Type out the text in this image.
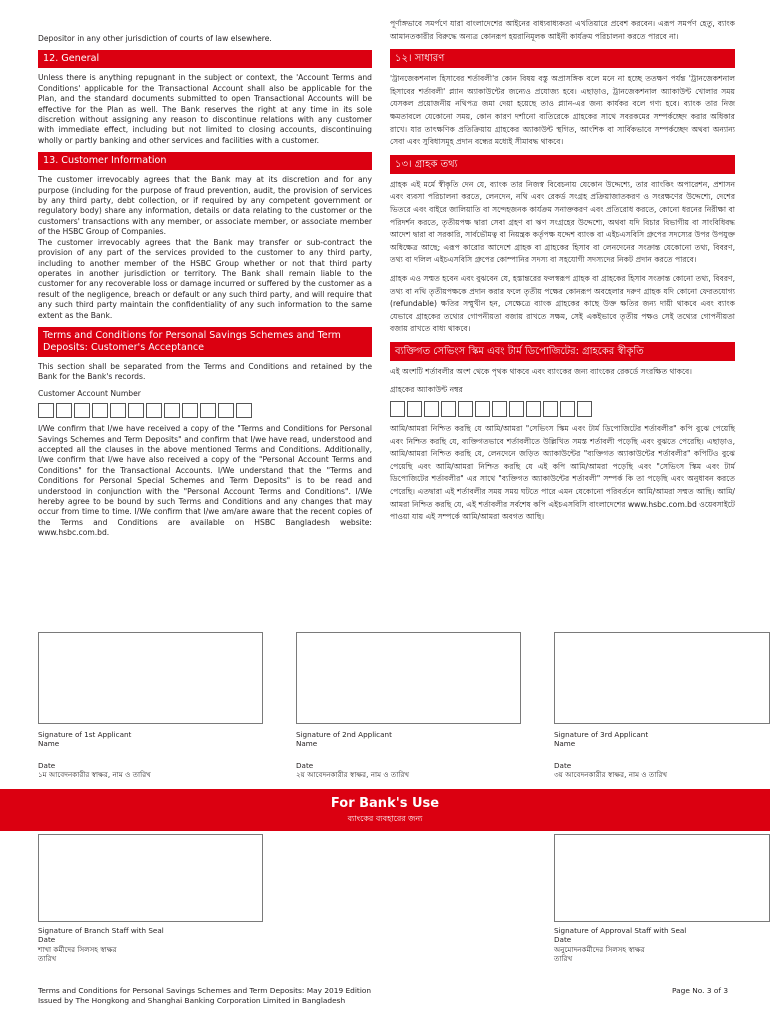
Depositor in any other jurisdiction of courts of law elsewhere.
12. General
Unless there is anything repugnant in the subject or context, the 'Account Terms and Conditions' applicable for the Transactional Account shall also be applicable for the Plan, and the standard documents submitted to open Transactional Accounts will be effective for the Plan as well. The Bank reserves the right at any time in its sole discretion without assigning any reason to discontinue relations with any customer with immediate effect, including but not limited to closing accounts, discontinuing wholly or partly banking and other services and facilities with a customer.
13. Customer Information
The customer irrevocably agrees that the Bank may at its discretion and for any purpose (including for the purpose of fraud prevention, audit, the provision of services by any third party, debt collection, or if required by any competent government or regulatory body) share any information, details or data relating to the customer or the customers' transactions with any member, or associate member, or associate member of the HSBC Group of Companies.
The customer irrevocably agrees that the Bank may transfer or sub-contract the provision of any part of the services provided to the customer to any third party, including to another member of the HSBC Group whether or not that third party operates in another jurisdiction or territory. The Bank shall remain liable to the customer for any recoverable loss or damage incurred or suffered by the customer as a result of the negligence, breach or default or any such third party, and will require that any such third party maintain the confidentiality of any such information to the same extent as the Bank.
Terms and Conditions for Personal Savings Schemes and Term Deposits: Customer's Acceptance
This section shall be separated from the Terms and Conditions and retained by the Bank for the Bank's records.
Customer Account Number
I/We confirm that I/we have received a copy of the "Terms and Conditions for Personal Savings Schemes and Term Deposits" and confirm that I/we have read, understood and accepted all the clauses in the above mentioned Terms and Conditions. Additionally, I/we confirm that I/we have also received a copy of the "Personal Account Terms and Conditions" for the Transactional Accounts. I/We understand that the "Terms and Conditions for Personal Special Schemes and Term Deposits" is to be read and understood in conjunction with the "Personal Account Terms and Conditions". I/We hereby agree to be bound by such Terms and Conditions and any changes that may occur from time to time. I/We confirm that I/we am/are aware that the recent copies of the Terms and Conditions are available on HSBC Bangladesh website: www.hsbc.com.bd.
পূর্ণাঙ্গভাবে সমর্পণে যারা বাংলাদেশের আইনের বাধ্যবাধ্যকতা এখতিয়ারে প্রবেশ করবেন। এরূপ সমর্পণ হেতু, ব্যাংক আমানতকারীর বিরুদ্ধে অন্যত্র কোনরূপ হয়রানিমূলক আইনী কার্যক্রম পরিচালনা করতে পারবে না।
১২। সাধারণ
'ট্রানজেকশনাল হিসাবের শর্তাবলী'র কোন বিষয় বস্তু অপ্রাসঙ্গিক বলে মনে না হচ্ছে ততক্ষণ পর্যন্ত 'ট্রানজেকশনাল হিসাবের শর্তাবলী' প্ল্যান অ্যাকাউন্টের জন্যেও প্রযোজ্য হবে। এছাড়াও, ট্রানজেকশনাল অ্যাকাউন্ট খোলার সময় যেসকল প্রয়োজনীয় নথিপত্র জমা দেয়া হয়েছে তাও প্ল্যান-এর জন্য কার্যকর বলে গণ্য হবে। ব্যাংক তার নিজ ক্ষমতাবলে যেকোনো সময়, কোন কারণ দর্শানো ব্যতিরেকে গ্রাহকের সাথে সবরকমের সম্পর্কচ্ছেদ করার অধিকার রাখে। যার তাৎক্ষণিক প্রতিক্রিয়ায় গ্রাহকের অ্যাকাউন্ট স্থগিত, আংশিক বা সার্বিকভাবে সম্পর্কচ্ছেদ অথবা অন্যান্য সেবা এবং সুবিধাসমূহ প্রদান বন্ধের মধ্যেই সীমাবদ্ধ থাকবে।
১৩। গ্রাহক তথ্য
গ্রাহক এই মর্মে স্বীকৃতি দেন যে, ব্যাংক তার নিজস্ব বিবেচনায় যেকোন উদ্দেশ্যে, তার ব্যাংকিং অপারেশন, প্রশাসন এবং ব্যবসা পরিচালনা করতে, লেনদেন, নথি এবং রেকর্ড সংগ্রহ প্রক্রিয়াজাতকরণ ও সংরক্ষণের উদ্দেশ্যে, দেশের ভিতরে এবং বাইরে জালিয়াতি বা সন্দেহজনক কার্যক্রম সনাক্তকরণ এবং প্রতিরোধ করতে, কোনো ধরনের নিরীক্ষা বা পরিদর্শন করতে, তৃতীয়পক্ষ দ্বারা সেবা গ্রহণ বা ঋণ সংগ্রহের উদ্দেশ্যে, অথবা যদি বিচার বিভাগীয় বা সাংবিধিবদ্ধ আদেশ দ্বারা বা সরকারি, সার্বভৌমত্ব বা নিয়ন্ত্রক কর্তৃপক্ষ যদ্দেশ ব্যাংক বা এইচএসবিসি গ্রুপের সদস্যের উপর উপযুক্ত অধিক্ষেত্র আছে; এরূপ কারোর আদেশে গ্রাহক বা গ্রাহকের হিসাব বা লেনদেনের সংক্রান্ত যেকোনো তথ্য, বিবরণ, তথ্য বা দলিল এইচএসবিসি গ্রুপের কোম্পানির সদস্য বা সহযোগী সদস্যদের নিকট প্রদান করতে পারবে।
গ্রাহক এও সম্মত হবেন এবং বুঝবেন যে, হস্তান্তরের ফলস্বরূপ গ্রাহক বা গ্রাহকের হিসাব সংক্রান্ত কোনো তথ্য, বিবরণ, তথ্য বা নথি তৃতীয়পক্ষকে প্রদান করার ফলে তৃতীয় পক্ষের কোনরূপ অবহেলার দরুণ গ্রাহক যদি কোনো ফেরতযোগ্য (refundable) ক্ষতির সম্মুখীন হন, সেক্ষেত্রে ব্যাংক গ্রাহকের কাছে উক্ত ক্ষতির জন্য দায়ী থাকবে এবং ব্যাংক যেভাবে গ্রাহকের তথ্যের গোপনীয়তা বজায় রাখতে সক্ষম, সেই একইভাবে তৃতীয় পক্ষও সেই তথ্যের গোপনীয়তা বজায় রাখতে বাধ্য থাকবে।
ব্যক্তিগত সেভিংস স্কিম এবং টার্ম ডিপোজিটের: গ্রাহকের স্বীকৃতি
এই অংশটি শর্তাবলীর অংশ থেকে পৃথক থাকবে এবং ব্যাংকের জন্য ব্যাংকের রেকর্ডে সংরক্ষিত থাকবে।
গ্রাহকের অ্যাকাউন্ট নম্বর
আমি/আমরা নিশ্চিত করছি যে আমি/আমরা "সেভিংস স্কিম এবং টার্ম ডিপোজিটের শর্তাবলীর" কপি বুঝে পেয়েছি এবং নিশ্চিত করছি যে, ব্যক্তিগতভাবে শর্তাবলীতে উল্লিখিত সমস্ত শর্তাবলী পড়েছি এবং বুঝতে পেরেছি। এছাড়াও, আমি/আমরা নিশ্চিত করছি যে, লেনদেনে জড়িত অ্যাকাউন্টের "ব্যক্তিগত অ্যাকাউন্টের শর্তাবলীর" কপিটিও বুঝে পেয়েছি এবং আমি/আমরা নিশ্চিত করছি যে এই কপি আমি/আমরা পড়েছি এবং "সেভিংস স্কিম এবং টার্ম ডিপোজিটের শর্তাবলীর" এর সাথে "ব্যক্তিগত অ্যাকাউন্টের শর্তাবলী" সম্পর্ক কি তা পড়েছি এবং অনুধাবন করতে পেরেছি। এতদ্বারা এই শর্তাবলীর সময় সময় ঘটতে পারে এমন যেকোনো পরিবর্তনে আমি/আমরা সম্মত আছি। আমি/আমরা নিশ্চিত করছি যে, এই শর্তাবলীর সর্বশেষ কপি এইচএসবিসি বাংলাদেশের www.hsbc.com.bd ওয়েবসাইটে পাওয়া যায় এই সম্পর্কে আমি/আমরা অবগত আছি।
Signature of 1st Applicant
Name
Signature of 2nd Applicant
Name
Signature of 3rd Applicant
Name
Date
১ম আবেদনকারীর স্বাক্ষর, নাম ও তারিখ
Date
২য় আবেদনকারীর স্বাক্ষর, নাম ও তারিখ
Date
৩য় আবেদনকারীর স্বাক্ষর, নাম ও তারিখ
For Bank's Use
ব্যাংকের ব্যবহারের জন্য
Signature of Branch Staff with Seal
Date
শাখা কর্মীদের সিলসহ স্বাক্ষর
তারিখ
Signature of Approval Staff with Seal
Date
অনুমোদনকর্মীদের সিলসহ স্বাক্ষর
তারিখ
Terms and Conditions for Personal Savings Schemes and Term Deposits: May 2019 Edition
Issued by The Hongkong and Shanghai Banking Corporation Limited in Bangladesh
Page No. 3 of 3
